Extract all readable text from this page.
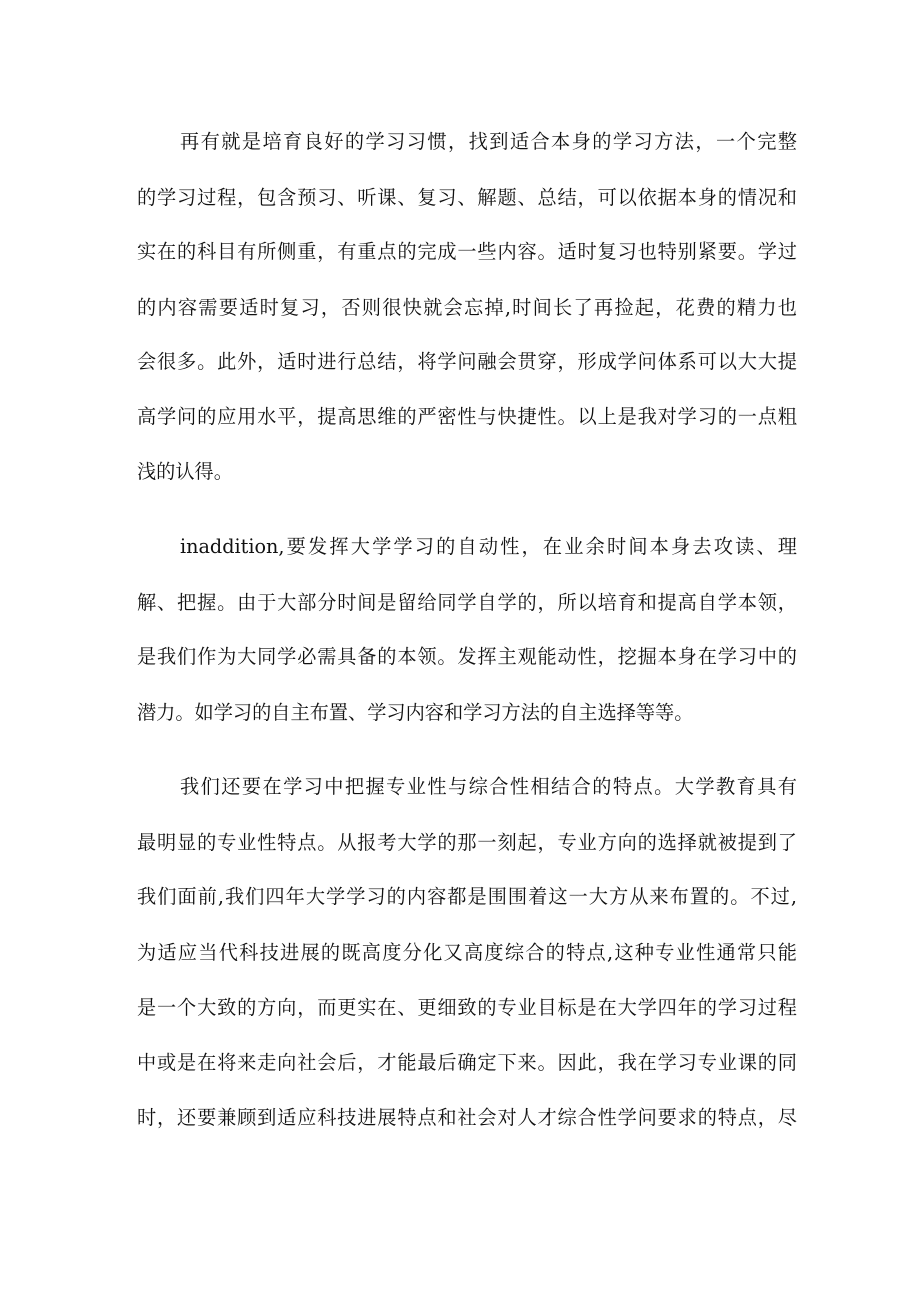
再有就是培育良好的学习习惯，找到适合本身的学习方法，一个完整
的学习过程，包含预习、听课、复习、解题、总结，可以依据本身的情况和
实在的科目有所侧重，有重点的完成一些内容。适时复习也特别紧要。学过
的内容需要适时复习，否则很快就会忘掉,时间长了再捡起，花费的精力也
会很多。此外，适时进行总结，将学问融会贯穿，形成学问体系可以大大提
高学问的应用水平，提高思维的严密性与快捷性。以上是我对学习的一点粗
浅的认得。
inaddition,要发挥大学学习的自动性，在业余时间本身去攻读、理
解、把握。由于大部分时间是留给同学自学的，所以培育和提高自学本领，
是我们作为大同学必需具备的本领。发挥主观能动性，挖掘本身在学习中的
潜力。如学习的自主布置、学习内容和学习方法的自主选择等等。
我们还要在学习中把握专业性与综合性相结合的特点。大学教育具有
最明显的专业性特点。从报考大学的那一刻起，专业方向的选择就被提到了
我们面前,我们四年大学学习的内容都是围围着这一大方从来布置的。不过,
为适应当代科技进展的既高度分化又高度综合的特点,这种专业性通常只能
是一个大致的方向，而更实在、更细致的专业目标是在大学四年的学习过程
中或是在将来走向社会后，才能最后确定下来。因此，我在学习专业课的同
时，还要兼顾到适应科技进展特点和社会对人才综合性学问要求的特点，尽
